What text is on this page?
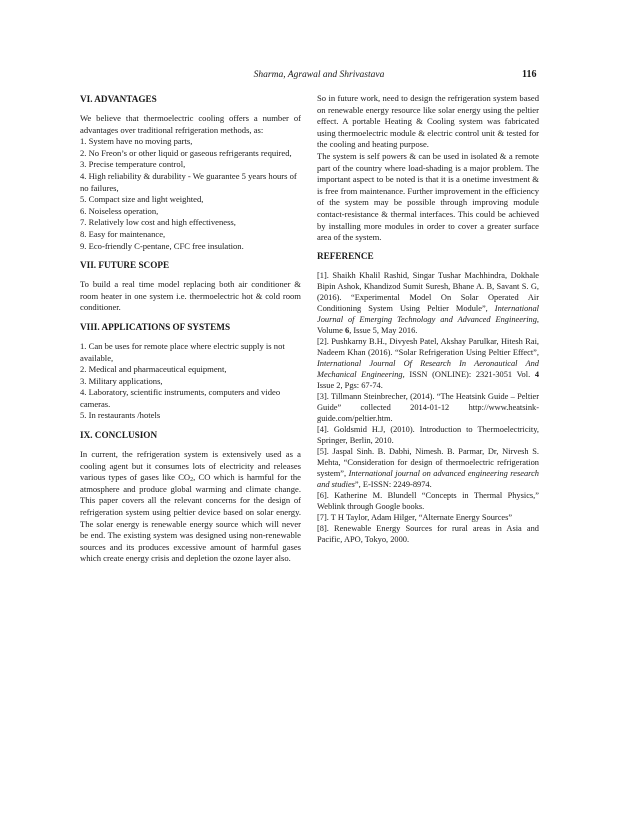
Sharma, Agrawal and Shrivastava	116
VI. ADVANTAGES

We believe that thermoelectric cooling offers a number of advantages over traditional refrigeration methods, as:

1. System have no moving parts,
2. No Freon’s or other liquid or gaseous refrigerants required,
3. Precise temperature control,
4. High reliability & durability - We guarantee 5 years hours of no failures,
5. Compact size and light weighted,
6. Noiseless operation,
7. Relatively low cost and high effectiveness,
8. Easy for maintenance,
9. Eco-friendly C-pentane, CFC free insulation.
VII. FUTURE SCOPE

To build a real time model replacing both air conditioner & room heater in one system i.e. thermoelectric hot & cold room conditioner.

VIII. APPLICATIONS OF SYSTEMS
1. Can be uses for remote place where electric supply is not available,
2. Medical and pharmaceutical equipment,
3. Military applications,
4. Laboratory, scientific instruments, computers and video cameras.
5. In restaurants /hotels
IX. CONCLUSION

In current, the refrigeration system is extensively used as a cooling agent but it consumes lots of electricity and releases various types of gases like $CO_2$, CO which is harmful for the atmosphere and produce global warming and climate change. This paper covers all the relevant concerns for the design of refrigeration system using peltier device based on solar energy. The solar energy is renewable energy source which will never be end. The existing system was designed using non-renewable sources and its produces excessive amount of harmful gases which create energy crisis and depletion the ozone layer also.

So in future work, need to design the refrigeration system based on renewable energy resource like solar energy using the peltier effect. A portable Heating & Cooling system was fabricated using thermoelectric module & electric control unit & tested for the cooling and heating purpose.

The system is self powers & can be used in isolated & a remote part of the country where load-shading is a major problem. The important aspect to be noted is that it is a onetime investment & is free from maintenance. Further improvement in the efficiency of the system may be possible through improving module contact-resistance & thermal interfaces. This could be achieved by installing more modules in order to cover a greater surface area of the system.

REFERENCE
[1]. Shaikh Khalil Rashid, Singar Tushar Machhindra, Dokhale Bipin Ashok, Khandizod Sumit Suresh, Bhane A. B, Savant S. G, (2016). “Experimental Model On Solar Operated Air Conditioning System Using Peltier Module”, International Journal of Emerging Technology and Advanced Engineering, Volume 6, Issue 5, May 2016.
[2]. Pushkarny B.H., Divyesh Patel, Akshay Parulkar, Hitesh Rai, Nadeem Khan (2016). “Solar Refrigeration Using Peltier Effect”, International Journal Of Research In Aeronautical And Mechanical Engineering, ISSN (ONLINE): 2321-3051 Vol. 4 Issue 2, Pgs: 67-74.
[3]. Tillmann Steinbrecher, (2014). “The Heatsink Guide – Peltier Guide” collected 2014-01-12 http://www.heatsink-guide.com/peltier.htm.
[4]. Goldsmid H.J, (2010). Introduction to Thermoelectricity, Springer, Berlin, 2010.
[5]. Jaspal Sinh. B. Dabhi, Nimesh. B. Parmar, Dr, Nirvesh S. Mehta, “Consideration for design of thermoelectric refrigeration system”, International journal on advanced engineering research and studies”, E-ISSN: 2249-8974.
[6]. Katherine M. Blundell “Concepts in Thermal Physics,” Weblink through Google books.
[7]. T H Taylor, Adam Hilger, “Alternate Energy Sources”
[8]. Renewable Energy Sources for rural areas in Asia and Pacific, APO, Tokyo, 2000.
